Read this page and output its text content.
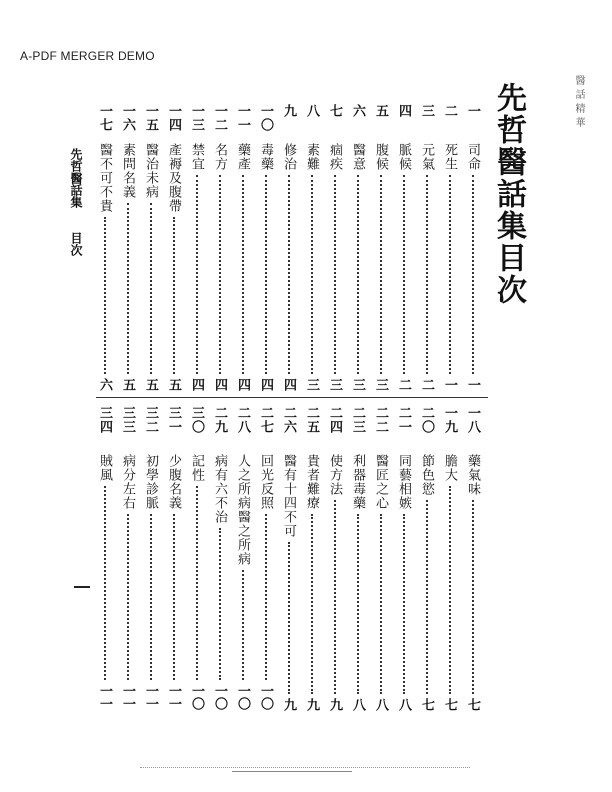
A-PDF MERGER DEMO
先哲醫話集目次	醫話精華
先哲醫話集
目次
一
司命
一
二
死生
一
三
元氣
二
四
脈候
二
五
腹候
三
六
醫意
三
七
痼疾
三
八
素難
三
九
修治
四
一〇
毒藥
四
一一
藥產
四
一二
名方
四
一三
禁宜
四
一四
產褥及腹帶
五
一五
醫治未病
五
一六
素問名義
五
一七
醫不可不貴
六
一八
藥氣味
七
一九
膽大
七
二〇
節色慾
七
二一
同藝相嫉
八
二二
醫匠之心
八
二三
利器毒藥
八
二四
使方法
九
二五
貴者難療
九
二六
醫有十四不可
九
二七
回光反照
一〇
二八
人之所病醫之所病
一〇
二九
病有六不治
一〇
三〇
記性
一〇
三一
少腹名義
一一
三二
初學診脈
一一
三三
病分左右
一一
三四
賊風
一一
